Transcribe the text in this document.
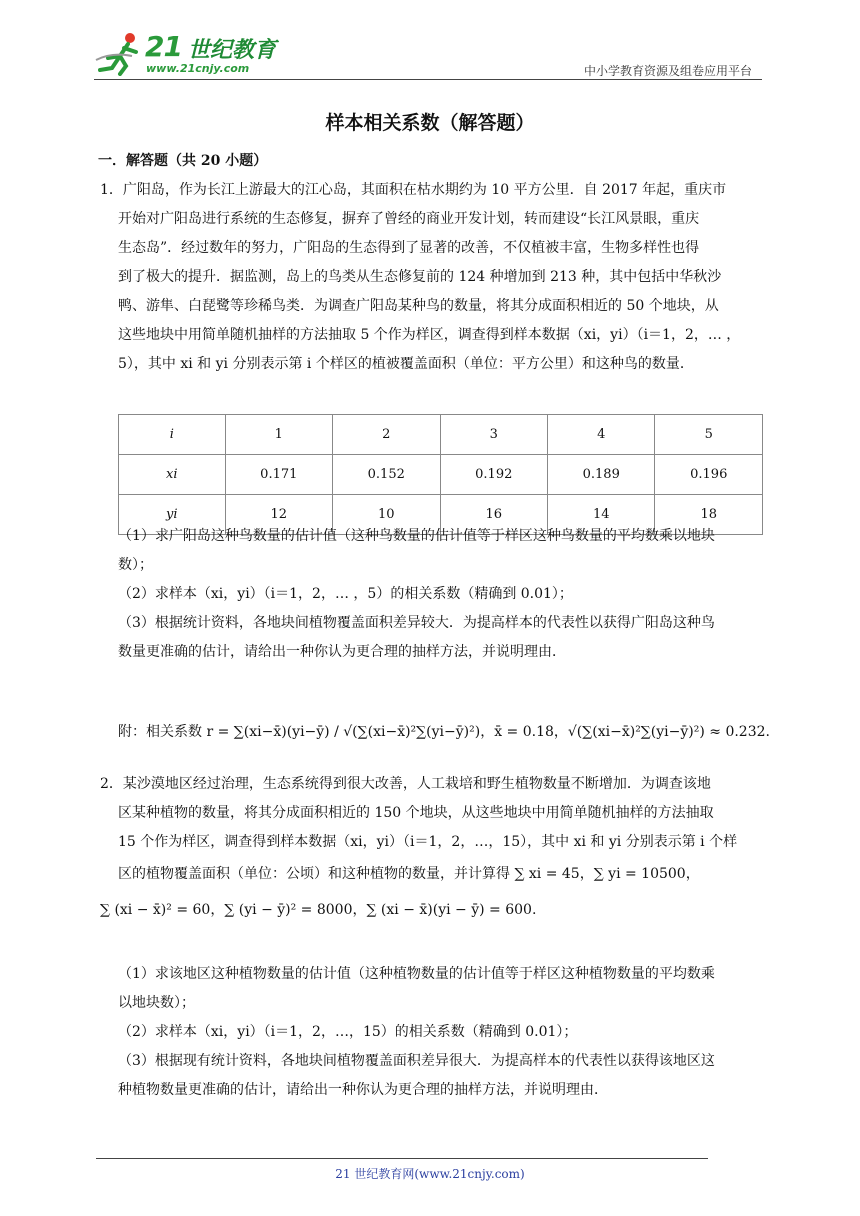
21 世纪教育
www.21cnjy.com	中小学教育资源及组卷应用平台
样本相关系数（解答题）
一．解答题（共 20 小题）
1．广阳岛，作为长江上游最大的江心岛，其面积在枯水期约为 10 平方公里．自 2017 年起，重庆市
开始对广阳岛进行系统的生态修复，摒弃了曾经的商业开发计划，转而建设“长江风景眼，重庆
生态岛”．经过数年的努力，广阳岛的生态得到了显著的改善，不仅植被丰富，生物多样性也得
到了极大的提升．据监测，岛上的鸟类从生态修复前的 124 种增加到 213 种，其中包括中华秋沙
鸭、游隼、白琵鹭等珍稀鸟类．为调查广阳岛某种鸟的数量，将其分成面积相近的 50 个地块，从
这些地块中用简单随机抽样的方法抽取 5 个作为样区，调查得到样本数据（xi，yi）（i＝1，2，… ，
5），其中 xi 和 yi 分别表示第 i 个样区的植被覆盖面积（单位：平方公里）和这种鸟的数量．
i	1	2	3	4	5
xi	0.171	0.152	0.192	0.189	0.196
yi	12	10	16	14	18
（1）求广阳岛这种鸟数量的估计值（这种鸟数量的估计值等于样区这种鸟数量的平均数乘以地块
数）；
（2）求样本（xi，yi）（i＝1，2，… ，5）的相关系数（精确到 0.01）；
（3）根据统计资料，各地块间植物覆盖面积差异较大．为提高样本的代表性以获得广阳岛这种鸟
数量更准确的估计，请给出一种你认为更合理的抽样方法，并说明理由．
附：相关系数 r = ∑(xi−x̄)(yi−ȳ) / √(∑(xi−x̄)²∑(yi−ȳ)²)，x̄ = 0.18，√(∑(xi−x̄)²∑(yi−ȳ)²) ≈ 0.232.
2．某沙漠地区经过治理，生态系统得到很大改善，人工栽培和野生植物数量不断增加．为调查该地
区某种植物的数量，将其分成面积相近的 150 个地块，从这些地块中用简单随机抽样的方法抽取
15 个作为样区，调查得到样本数据（xi，yi）（i＝1，2，…，15），其中 xi 和 yi 分别表示第 i 个样
区的植物覆盖面积（单位：公顷）和这种植物的数量，并计算得 ∑ xi = 45，∑ yi = 10500，
∑ (xi − x̄)² = 60，∑ (yi − ȳ)² = 8000，∑ (xi − x̄)(yi − ȳ) = 600.
（1）求该地区这种植物数量的估计值（这种植物数量的估计值等于样区这种植物数量的平均数乘
以地块数）；
（2）求样本（xi，yi）（i＝1，2，…，15）的相关系数（精确到 0.01）；
（3）根据现有统计资料，各地块间植物覆盖面积差异很大．为提高样本的代表性以获得该地区这
种植物数量更准确的估计，请给出一种你认为更合理的抽样方法，并说明理由．
21 世纪教育网(www.21cnjy.com)
